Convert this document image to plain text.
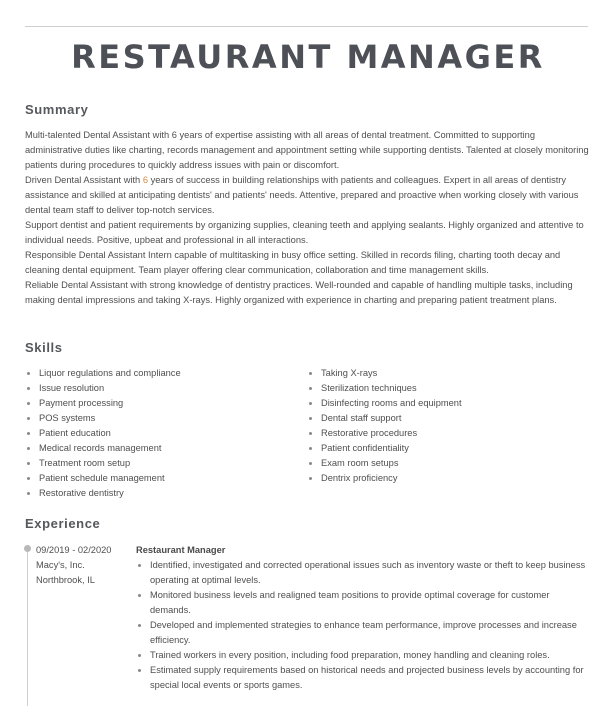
RESTAURANT MANAGER
Summary

Multi-talented Dental Assistant with 6 years of expertise assisting with all areas of dental treatment. Committed to supporting administrative duties like charting, records management and appointment setting while supporting dentists. Talented at closely monitoring patients during procedures to quickly address issues with pain or discomfort.

Driven Dental Assistant with 6 years of success in building relationships with patients and colleagues. Expert in all areas of dentistry assistance and skilled at anticipating dentists' and patients' needs. Attentive, prepared and proactive when working closely with various dental team staff to deliver top-notch services.

Support dentist and patient requirements by organizing supplies, cleaning teeth and applying sealants. Highly organized and attentive to individual needs. Positive, upbeat and professional in all interactions.

Responsible Dental Assistant Intern capable of multitasking in busy office setting. Skilled in records filing, charting tooth decay and cleaning dental equipment. Team player offering clear communication, collaboration and time management skills.

Reliable Dental Assistant with strong knowledge of dentistry practices. Well-rounded and capable of handling multiple tasks, including making dental impressions and taking X-rays. Highly organized with experience in charting and preparing patient treatment plans.

Skills
Liquor regulations and compliance
Issue resolution
Payment processing
POS systems
Patient education
Medical records management
Treatment room setup
Patient schedule management
Restorative dentistry
Taking X-rays
Sterilization techniques
Disinfecting rooms and equipment
Dental staff support
Restorative procedures
Patient confidentiality
Exam room setups
Dentrix proficiency
Experience
09/2019 - 02/2020
Macy's, Inc.
Northbrook, IL
Restaurant Manager
Identified, investigated and corrected operational issues such as inventory waste or theft to keep business operating at optimal levels.
Monitored business levels and realigned team positions to provide optimal coverage for customer demands.
Developed and implemented strategies to enhance team performance, improve processes and increase efficiency.
Trained workers in every position, including food preparation, money handling and cleaning roles.
Estimated supply requirements based on historical needs and projected business levels by accounting for special local events or sports games.
